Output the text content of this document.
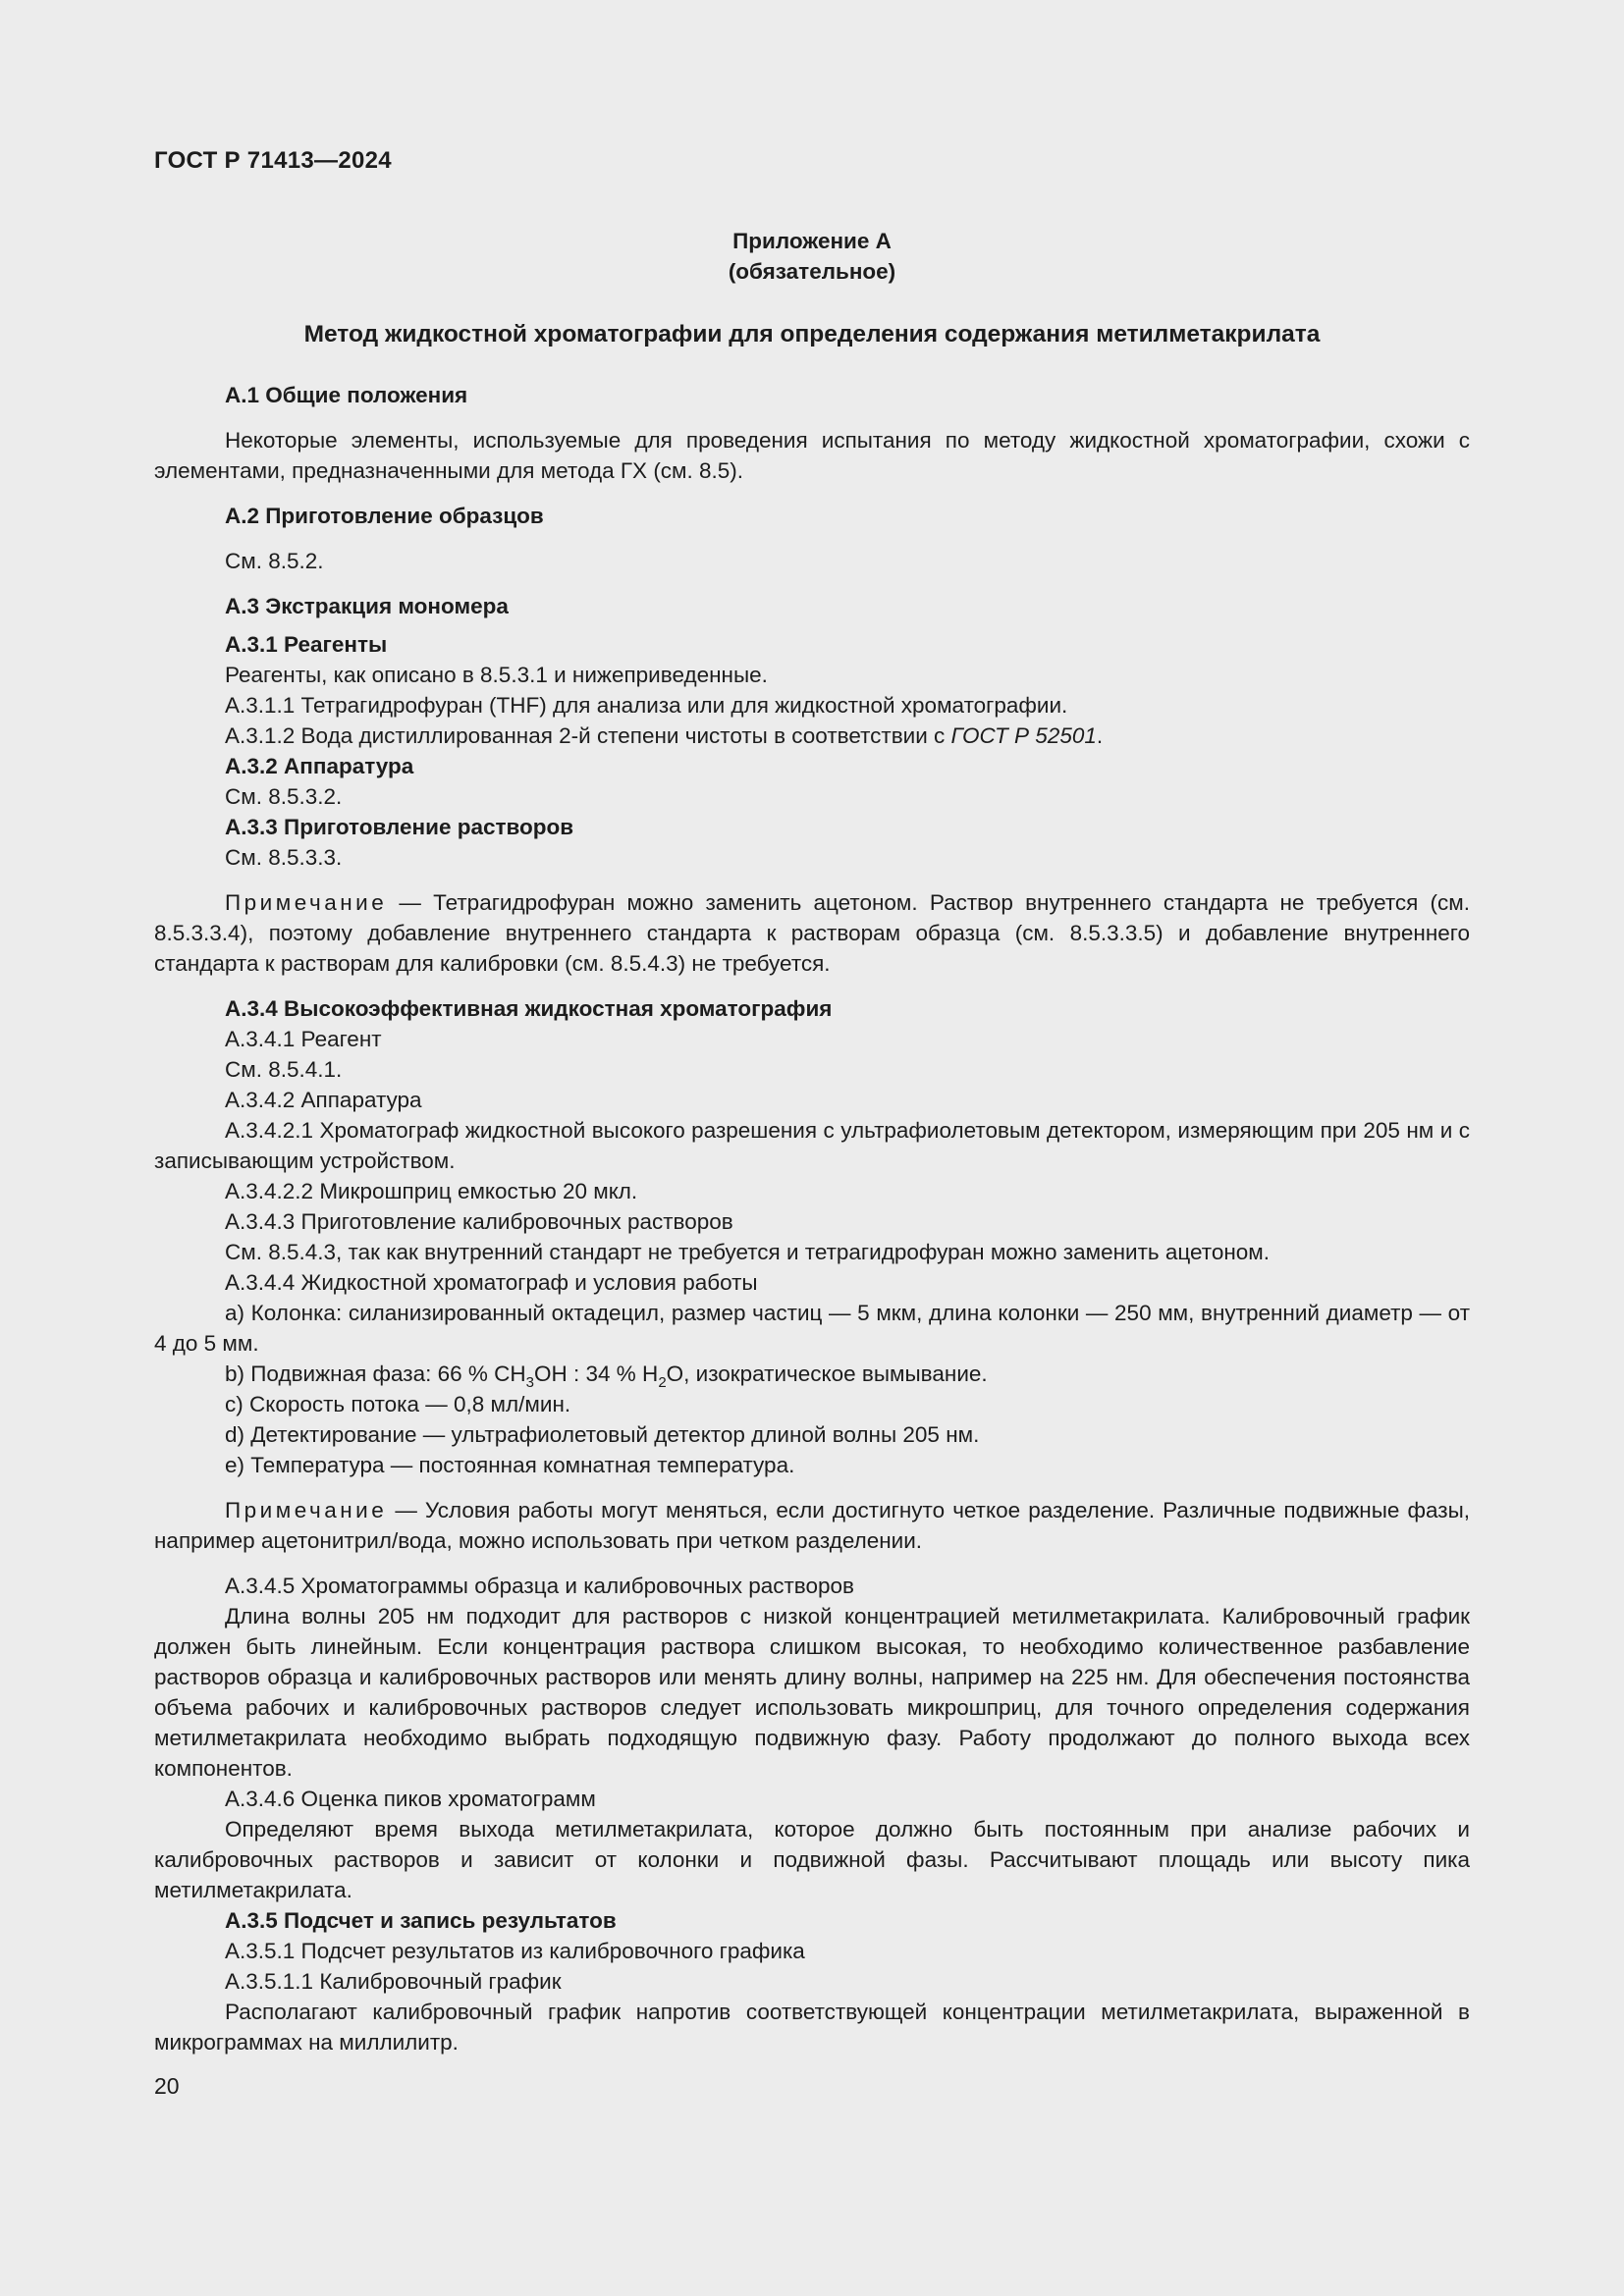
ГОСТ Р 71413—2024
Приложение А
(обязательное)
Метод жидкостной хроматографии для определения содержания метилметакрилата

А.1 Общие положения

Некоторые элементы, используемые для проведения испытания по методу жидкостной хроматографии, схожи с элементами, предназначенными для метода ГХ (см. 8.5).

А.2 Приготовление образцов

См. 8.5.2.

А.3 Экстракция мономера

А.3.1 Реагенты

Реагенты, как описано в 8.5.3.1 и нижеприведенные.

А.3.1.1 Тетрагидрофуран (THF) для анализа или для жидкостной хроматографии.

А.3.1.2 Вода дистиллированная 2-й степени чистоты в соответствии с ГОСТ Р 52501.

А.3.2 Аппаратура

См. 8.5.3.2.

А.3.3 Приготовление растворов

См. 8.5.3.3.

Примечание — Тетрагидрофуран можно заменить ацетоном. Раствор внутреннего стандарта не требуется (см. 8.5.3.3.4), поэтому добавление внутреннего стандарта к растворам образца (см. 8.5.3.3.5) и добавление внутреннего стандарта к растворам для калибровки (см. 8.5.4.3) не требуется.

А.3.4 Высокоэффективная жидкостная хроматография

А.3.4.1 Реагент

См. 8.5.4.1.

А.3.4.2 Аппаратура

А.3.4.2.1 Хроматограф жидкостной высокого разрешения с ультрафиолетовым детектором, измеряющим при 205 нм и с записывающим устройством.

А.3.4.2.2 Микрошприц емкостью 20 мкл.

А.3.4.3 Приготовление калибровочных растворов

См. 8.5.4.3, так как внутренний стандарт не требуется и тетрагидрофуран можно заменить ацетоном.

А.3.4.4 Жидкостной хроматограф и условия работы

a) Колонка: силанизированный октадецил, размер частиц — 5 мкм, длина колонки — 250 мм, внутренний диаметр — от 4 до 5 мм.

b) Подвижная фаза: 66 % $CH_3OH$ : 34 % $H_2O$, изократическое вымывание.

c) Скорость потока — 0,8 мл/мин.

d) Детектирование — ультрафиолетовый детектор длиной волны 205 нм.

e) Температура — постоянная комнатная температура.

Примечание — Условия работы могут меняться, если достигнуто четкое разделение. Различные подвижные фазы, например ацетонитрил/вода, можно использовать при четком разделении.

А.3.4.5 Хроматограммы образца и калибровочных растворов

Длина волны 205 нм подходит для растворов с низкой концентрацией метилметакрилата. Калибровочный график должен быть линейным. Если концентрация раствора слишком высокая, то необходимо количественное разбавление растворов образца и калибровочных растворов или менять длину волны, например на 225 нм. Для обеспечения постоянства объема рабочих и калибровочных растворов следует использовать микрошприц, для точного определения содержания метилметакрилата необходимо выбрать подходящую подвижную фазу. Работу продолжают до полного выхода всех компонентов.

А.3.4.6 Оценка пиков хроматограмм

Определяют время выхода метилметакрилата, которое должно быть постоянным при анализе рабочих и калибровочных растворов и зависит от колонки и подвижной фазы. Рассчитывают площадь или высоту пика метилметакрилата.

А.3.5 Подсчет и запись результатов

А.3.5.1 Подсчет результатов из калибровочного графика

А.3.5.1.1 Калибровочный график

Располагают калибровочный график напротив соответствующей концентрации метилметакрилата, выраженной в микрограммах на миллилитр.

20
